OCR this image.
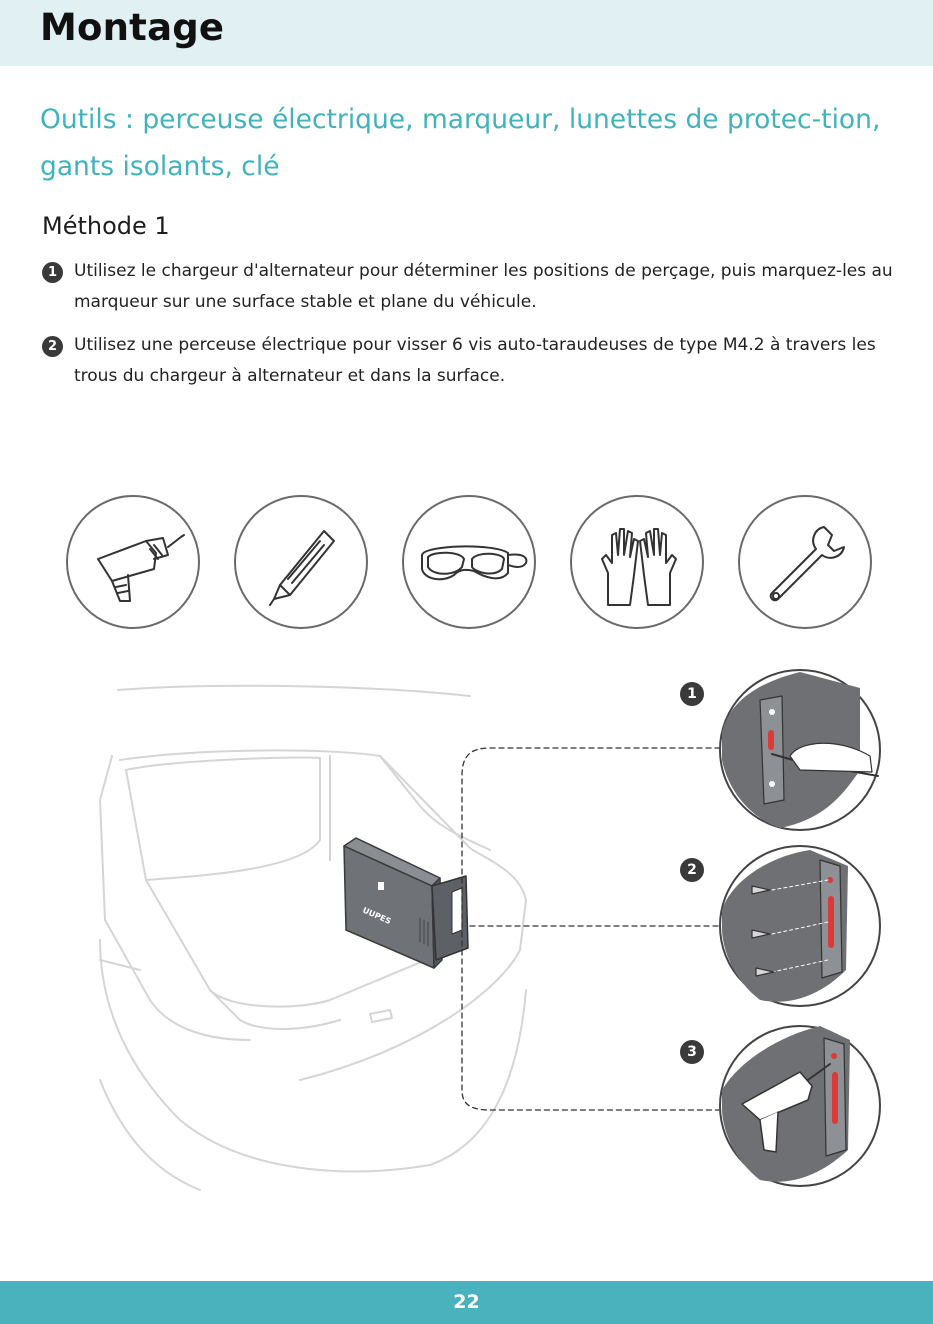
Montage

Outils : perceuse électrique, marqueur, lunettes de protec-tion, gants isolants, clé

Méthode 1
1 Utilisez le chargeur d'alternateur pour déterminer les positions de perçage, puis marquez-les au marqueur sur une surface stable et plane du véhicule.
2 Utilisez une perceuse électrique pour visser 6 vis auto-taraudeuses de type M4.2 à travers les trous du chargeur à alternateur et dans la surface.
UUPES
1
2
3
22
